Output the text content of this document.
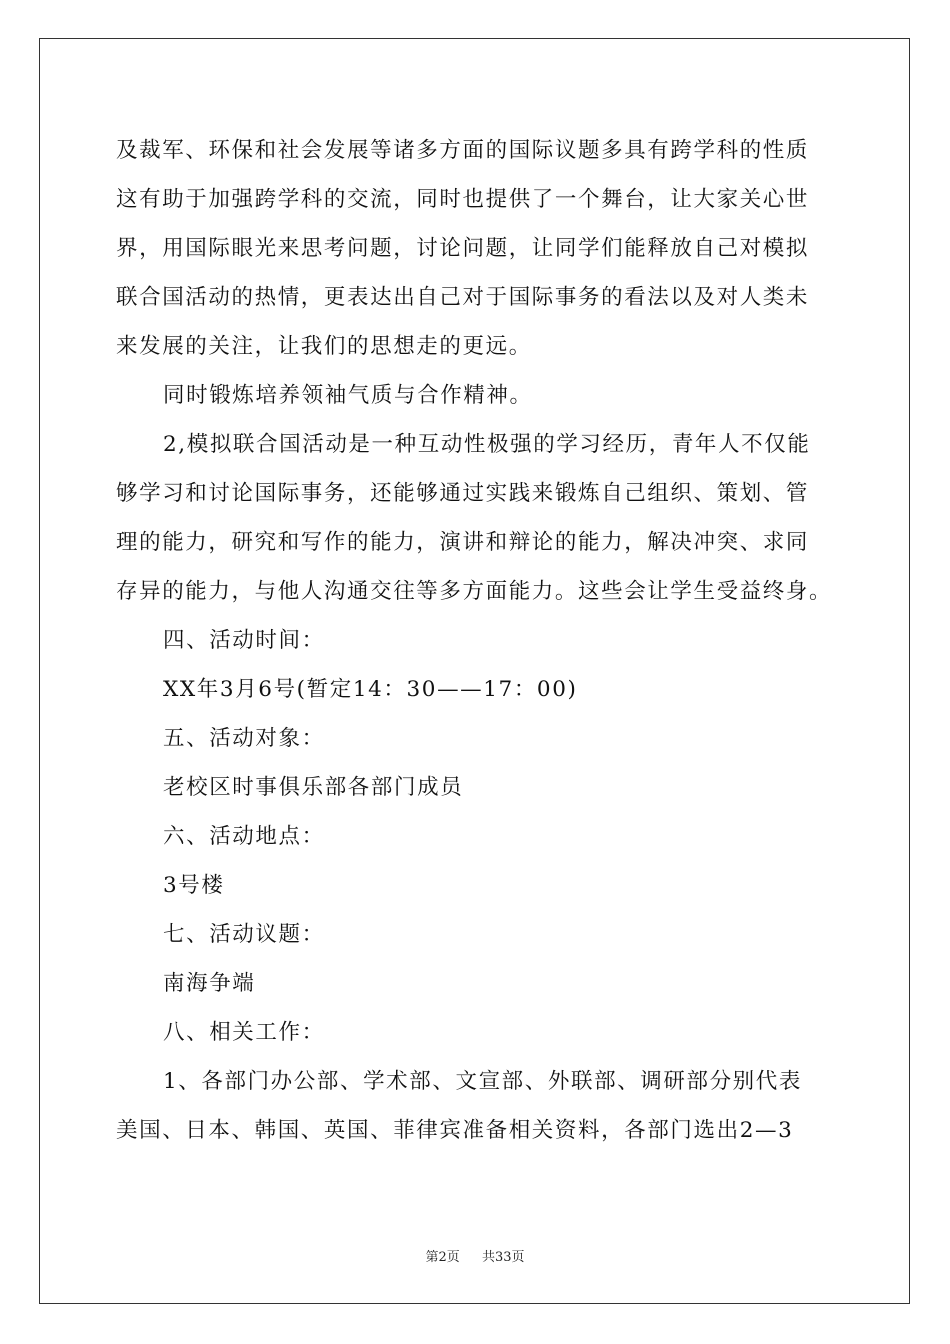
及裁军、环保和社会发展等诸多方面的国际议题多具有跨学科的性质
这有助于加强跨学科的交流，同时也提供了一个舞台，让大家关心世
界，用国际眼光来思考问题，讨论问题，让同学们能释放自己对模拟
联合国活动的热情，更表达出自己对于国际事务的看法以及对人类未
来发展的关注，让我们的思想走的更远。
同时锻炼培养领袖气质与合作精神。
2,模拟联合国活动是一种互动性极强的学习经历，青年人不仅能
够学习和讨论国际事务，还能够通过实践来锻炼自己组织、策划、管
理的能力，研究和写作的能力，演讲和辩论的能力，解决冲突、求同
存异的能力，与他人沟通交往等多方面能力。这些会让学生受益终身。
四、活动时间：
XX年3月6号(暂定14：30——17：00)
五、活动对象：
老校区时事俱乐部各部门成员
六、活动地点：
3号楼
七、活动议题：
南海争端
八、相关工作：
1、各部门办公部、学术部、文宣部、外联部、调研部分别代表
美国、日本、韩国、英国、菲律宾准备相关资料，各部门选出2—3
第2页 共33页
